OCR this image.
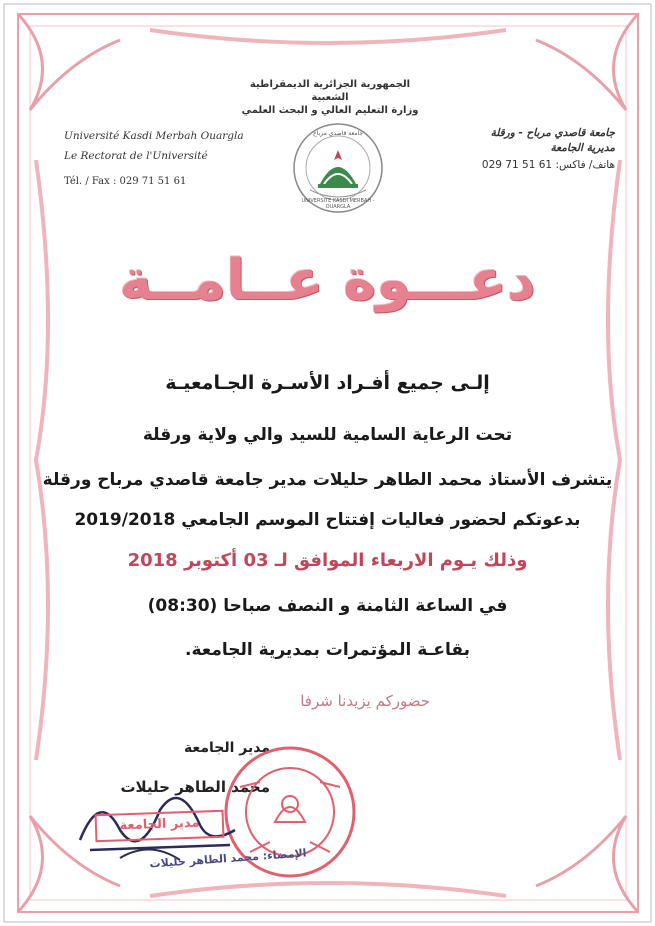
الجمهورية الجزائرية الديمقراطية الشعبية
وزارة التعليم العالي و البحث العلمي
Université Kasdi Merbah Ouargla
Le Rectorat de l'Université
Tél. / Fax : 029 71 51 61
جامعة قاصدي مرباح - ورقلة
مديرية الجامعة
هاتف/ فاكس: 61 51 71 029
جامعة قاصدي مرباح
UNIVERSITE KASDI MERBAH - OUARGLA
دعـــوة عــامــة
إلـى جميع أفـراد الأسـرة الجـامعيـة
تحت الرعاية السامية للسيد والي ولاية ورقلة
يتشرف الأستاذ محمد الطاهر حليلات مدير جامعة قاصدي مرباح ورقلة
بدعوتكم لحضور فعاليات إفتتاح الموسم الجامعي 2019/2018
وذلك يـوم الاربعاء الموافق لـ 03 أكتوبر 2018
في الساعة الثامنة و النصف صباحا (08:30)
بقاعـة المؤتمرات بمديرية الجامعة.
حضوركم يزيدنا شرفا
مدير الجامعة
محمد الطاهر حليلات
مدير الجامعة
الإمضاء: محمد الطاهر حليلات
